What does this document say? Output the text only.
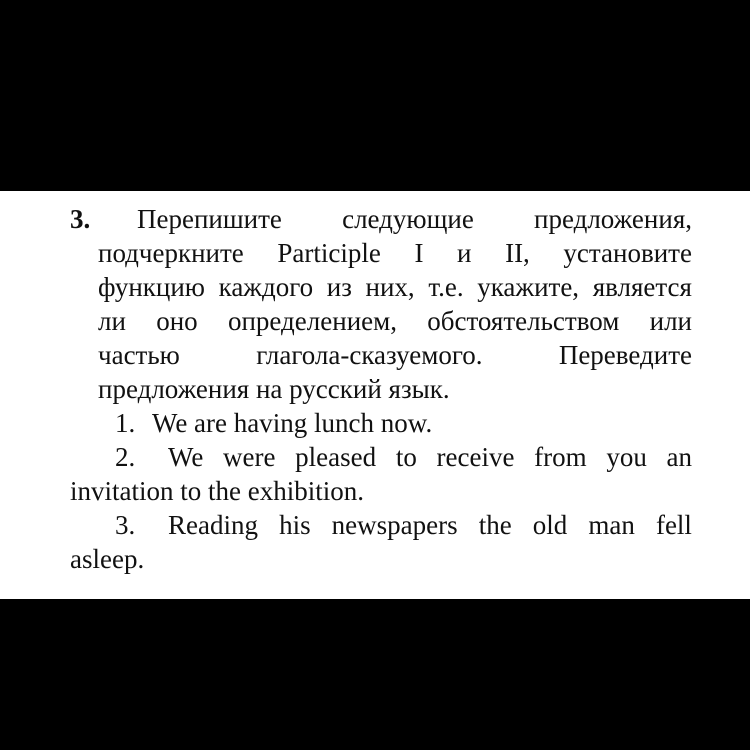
3. Перепишите следующие предложения,
подчеркните Participle I и II, установите
функцию каждого из них, т.е. укажите, является
ли оно определением, обстоятельством или
частью	глагола-сказуемого.	Переведите
предложения на русский язык.
1. We are having lunch now.
2. We were pleased to receive from you an
invitation to the exhibition.
3. Reading his newspapers the old man fell
asleep.
